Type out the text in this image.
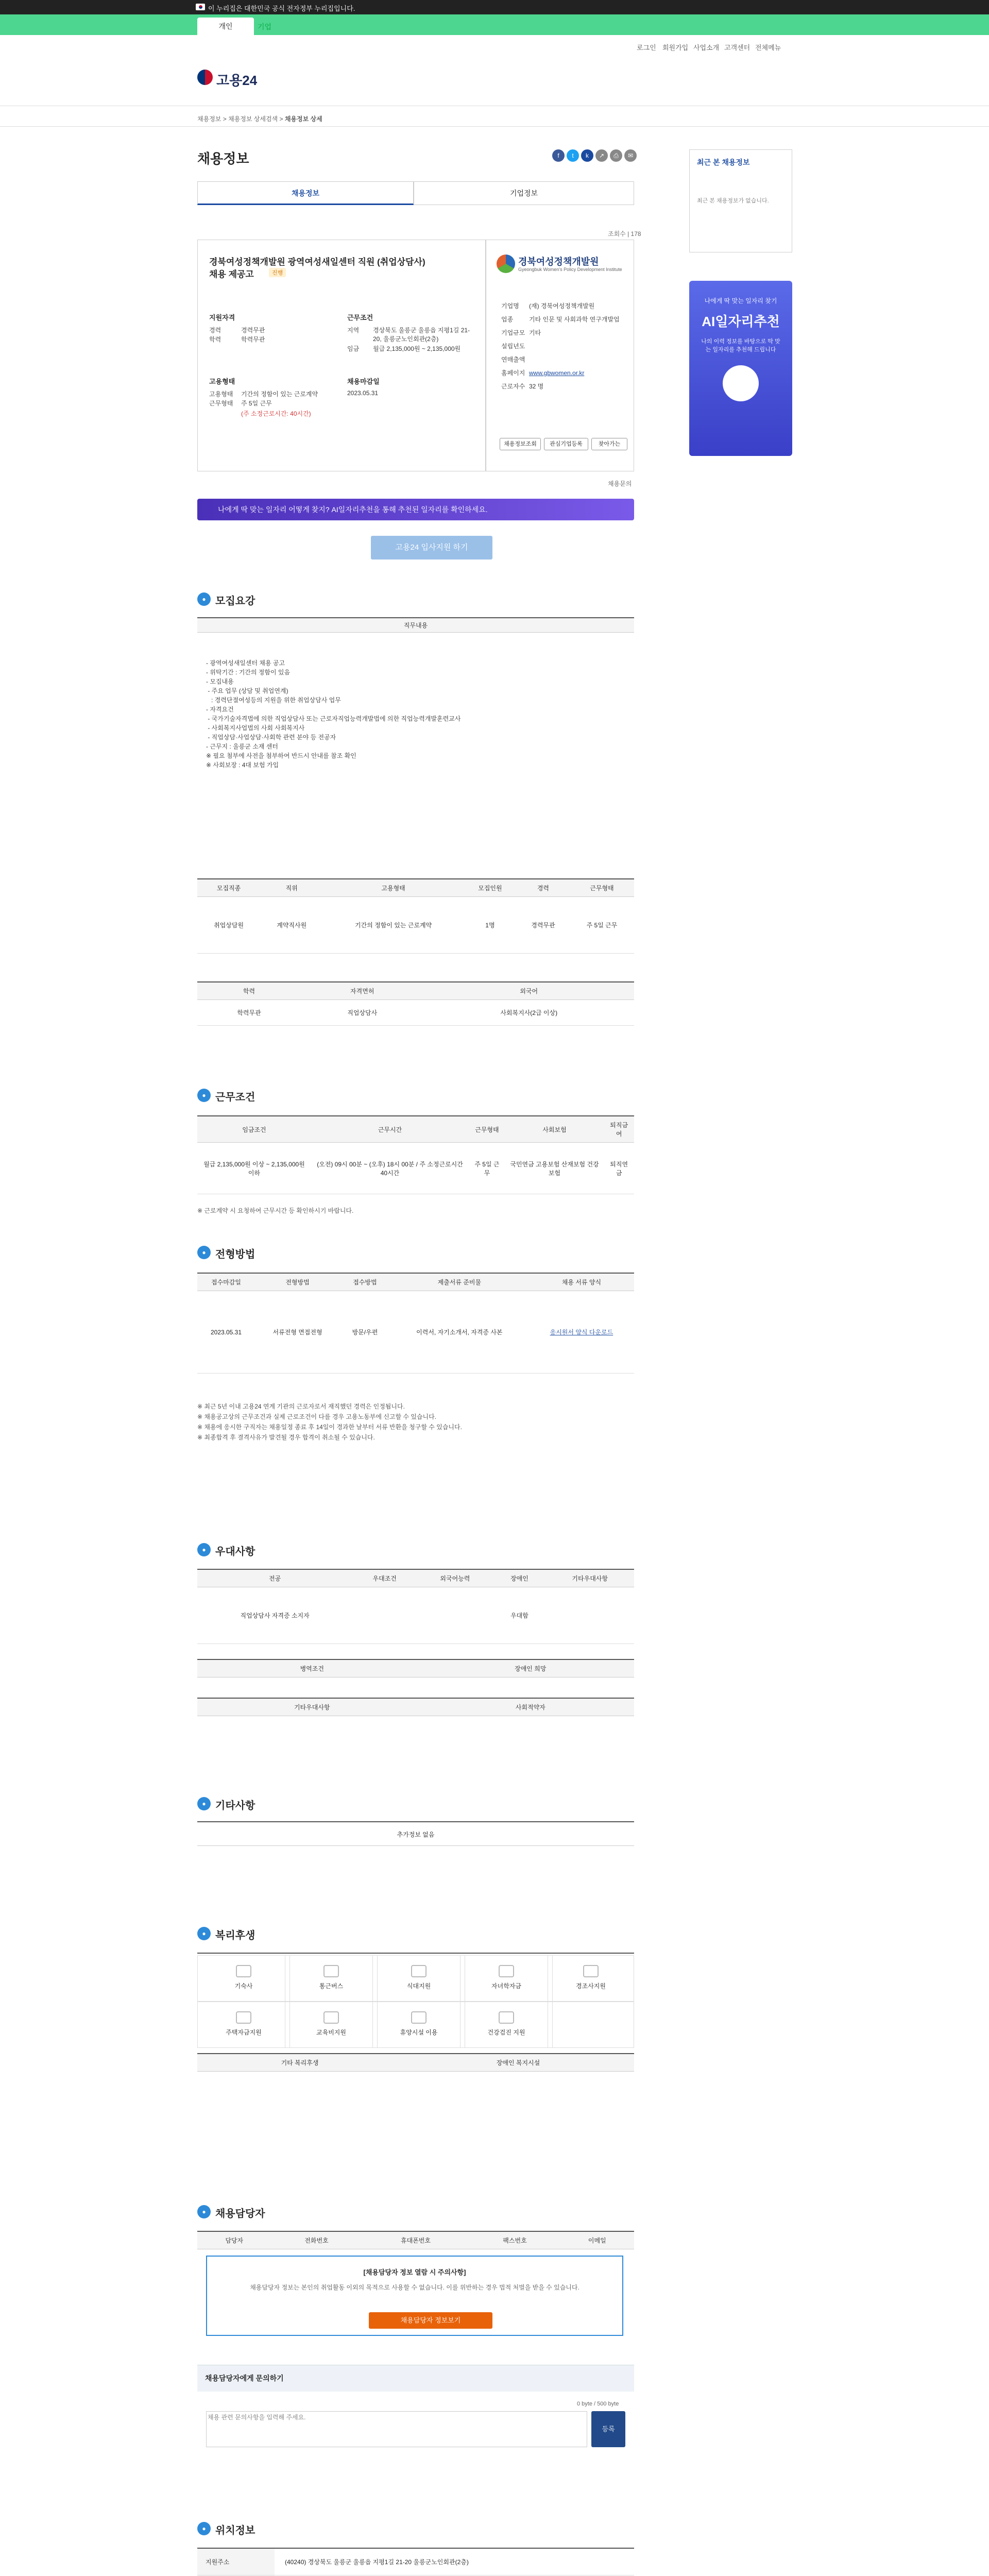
이 누리집은 대한민국 공식 전자정부 누리집입니다.
개인	기업
로그인 회원가입 사업소개 고객센터 전체메뉴
고용24
채용정보 > 채용정보 상세검색 > 채용정보 상세
채용정보	f	t	k	↗	⎙	✉
채용정보	기업정보
조회수 | 178
경북여성정책개발원 광역여성새일센터 직원 (취업상담사)
채용 제공고	진행
지원자격
경력	경력무관
학력	학력무관
근무조건
지역 경상북도 울릉군 울릉읍 지평1길 21-20, 울릉군노인회관(2층)
임금 월급 2,135,000원 ~ 2,135,000원
고용형태
고용형태 기간의 정함이 있는 근로계약
근무형태 주 5일 근무
(주 소정근로시간: 40시간)
채용마감일
2023.05.31
경북여성정책개발원
Gyeongbuk Women's Policy Development Institute
기업명 (재) 경북여성정책개발원
업종	기타 인문 및 사회과학 연구개발업
기업규모 기타
설립년도
연매출액
홈페이지 www.gbwomen.or.kr
근로자수 32 명
채용정보조회	관심기업등록	찾아가는
채용문의
나에게 딱 맞는 일자리 어떻게 찾지? AI일자리추천을 통해 추천된 일자리를 확인하세요.
고용24 입사지원 하기
● 모집요강
직무내용

- 광역여성새일센터 채용 공고
- 위탁기간 : 기간의 정함이 있음
- 모집내용
- 주요 업무 (상담 및 취업연계)
: 경력단절여성등의 지원을 위한 취업상담사 업무
- 자격요건
- 국가기술자격법에 의한 직업상담사 또는 근로자직업능력개발법에 의한 직업능력개발훈련교사
- 사회복지사업법의 사회 사회복지사
- 직업상담·사업상담·사회학 관련 분야 등 전공자
- 근무지 : 울릉군 소재 센터
※ 필요 첨부에 사전을 첨부하여 반드시 안내를 참조 확인
※ 사회보장 : 4대 보험 가입

모집직종	직위	고용형태	모집인원	경력	근무형태
취업상담원	계약직사원	기간의 정함이 있는 근로계약	1명	경력무관	주 5일 근무
학력	자격면허	외국어
학력무관	직업상담사	사회복지사(2급 이상)
● 근무조건
임금조건	근무시간	근무형태	사회보험	퇴직금여
월급 2,135,000원 이상 ~ 2,135,000원 이하	(오전) 09시 00분 ~ (오후) 18시 00분 / 주 소정근로시간 40시간	주 5일 근무	국민연금 고용보험 산재보험 건강보험	퇴직연금
※ 근로계약 시 요청하여 근무시간 등 확인하시기 바랍니다.
● 전형방법
접수마감일	전형방법	접수방법	제출서류 준비물	채용 서류 양식
2023.05.31	서류전형 면접전형	방문/우편	이력서, 자기소개서, 자격증 사본	응시원서 양식 다운로드
※ 최근 5년 이내 고용24 연계 기관의 근로자로서 재직했던 경력은 인정됩니다.
※ 채용공고상의 근무조건과 실제 근로조건이 다를 경우 고용노동부에 신고할 수 있습니다.
※ 채용에 응시한 구직자는 채용일정 종료 후 14일이 경과한 날부터 서류 반환을 청구할 수 있습니다.
※ 최종합격 후 결격사유가 발견될 경우 합격이 취소될 수 있습니다.
● 우대사항
전공	우대조건	외국어능력	장애인	기타우대사항
직업상담사 자격증 소지자			우대함	
병역조건	장애인 희망

기타우대사항	사회적약자
● 기타사항
추가정보 없음
● 복리후생
기숙사	통근버스	식대지원	자녀학자금	경조사지원
주택자금지원	교육비지원	휴양시설 이용	건강검진 지원
기타 복리후생	장애인 복지시설
● 채용담당자
담당자	전화번호	휴대폰번호	팩스번호	이메일
[채용담당자 정보 열람 시 주의사항]
채용담당자 정보는 본인의 취업활동 이외의 목적으로 사용할 수 없습니다. 이를 위반하는 경우 법적 처벌을 받을 수 있습니다.
채용담당자 정보보기
채용담당자에게 문의하기
0 byte / 500 byte
채용 관련 문의사항을 입력해 주세요.
등록
● 위치정보
지원주소	(40240) 경상북도 울릉군 울릉읍 지평1길 21-20 울릉군노인회관(2층)

최근 본 채용정보
최근 본 채용정보가 없습니다.
나에게 딱 맞는 일자리 찾기
AI일자리추천
나의 이력 정보를 바탕으로 딱 맞는 일자리를 추천해 드립니다
